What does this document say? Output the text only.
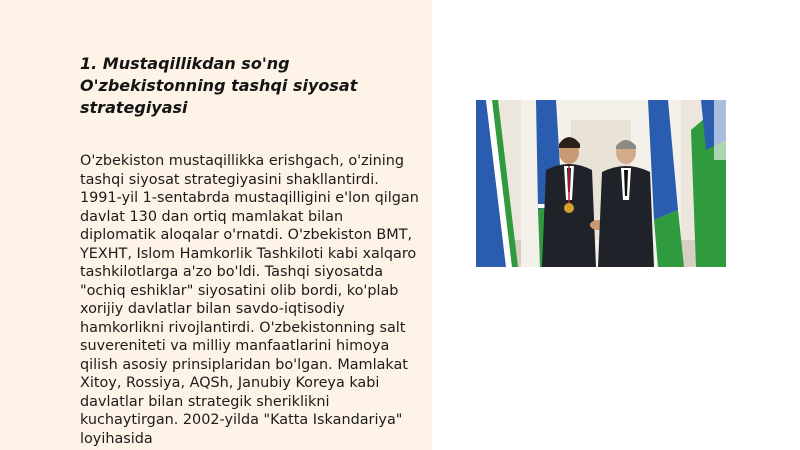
1. Mustaqillikdan so'ng O'zbekistonning tashqi siyosat strategiyasi

O'zbekiston mustaqillikka erishgach, o'zining tashqi siyosat strategiyasini shakllantirdi. 1991-yil 1-sentabrda mustaqilligini e'lon qilgan davlat 130 dan ortiq mamlakat bilan diplomatik aloqalar o'rnatdi. O'zbekiston BMT, YEXHT, Islom Hamkorlik Tashkiloti kabi xalqaro tashkilotlarga a'zo bo'ldi. Tashqi siyosatda "ochiq eshiklar" siyosatini olib bordi, ko'plab xorijiy davlatlar bilan savdo-iqtisodiy hamkorlikni rivojlantirdi. O'zbekistonning salt suvereniteti va milliy manfaatlarini himoya qilish asosiy prinsiplaridan bo'lgan. Mamlakat Xitoy, Rossiya, AQSh, Janubiy Koreya kabi davlatlar bilan strategik sheriklikni kuchaytirgan. 2002-yilda "Katta Iskandariya" loyihasida
